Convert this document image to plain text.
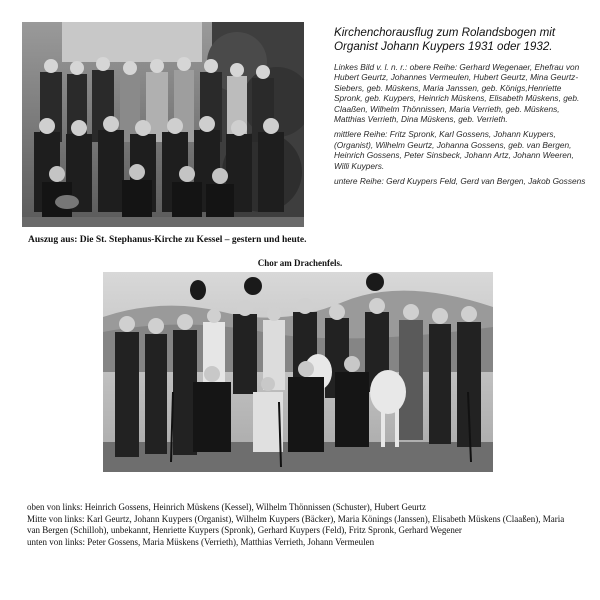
Auszug aus: Die St. Stephanus-Kirche zu Kessel – gestern und heute.
Kirchenchorausflug zum Rolandsbogen mit Organist Johann Kuypers 1931 oder 1932.

Linkes Bild v. l. n. r.: obere Reihe: Gerhard Wegenaer, Ehefrau von Hubert Geurtz, Johannes Vermeulen, Hubert Geurtz, Mina Geurtz-Siebers, geb. Müskens, Maria Janssen, geb. Königs,Henriette Spronk, geb. Kuypers, Heinrich Müskens, Elisabeth Müskens, geb. Claaßen, Wilhelm Thönnissen, Maria Verrieth, geb. Müskens, Matthias Verrieth, Dina Müskens, geb. Verrieth.

mittlere Reihe: Fritz Spronk, Karl Gossens, Johann Kuypers, (Organist), Wilhelm Geurtz, Johanna Gossens, geb. van Bergen, Heinrich Gossens, Peter Sinsbeck, Johann Artz, Johann Weeren, Willi Kuypers.

untere Reihe: Gerd Kuypers Feld, Gerd van Bergen, Jakob Gossens

Chor am Drachenfels.
oben von links: Heinrich Gossens, Heinrich Müskens (Kessel), Wilhelm Thönnissen (Schuster), Hubert Geurtz
Mitte von links: Karl Geurtz, Johann Kuypers (Organist), Wilhelm Kuypers (Bäcker), Maria Könings (Janssen), Elisabeth Müskens (Claaßen), Maria van Bergen (Schilloh), unbekannt, Henriette Kuypers (Spronk), Gerhard Kuypers (Feld), Fritz Spronk, Gerhard Wegener
unten von links: Peter Gossens, Maria Müskens (Verrieth), Matthias Verrieth, Johann Vermeulen
